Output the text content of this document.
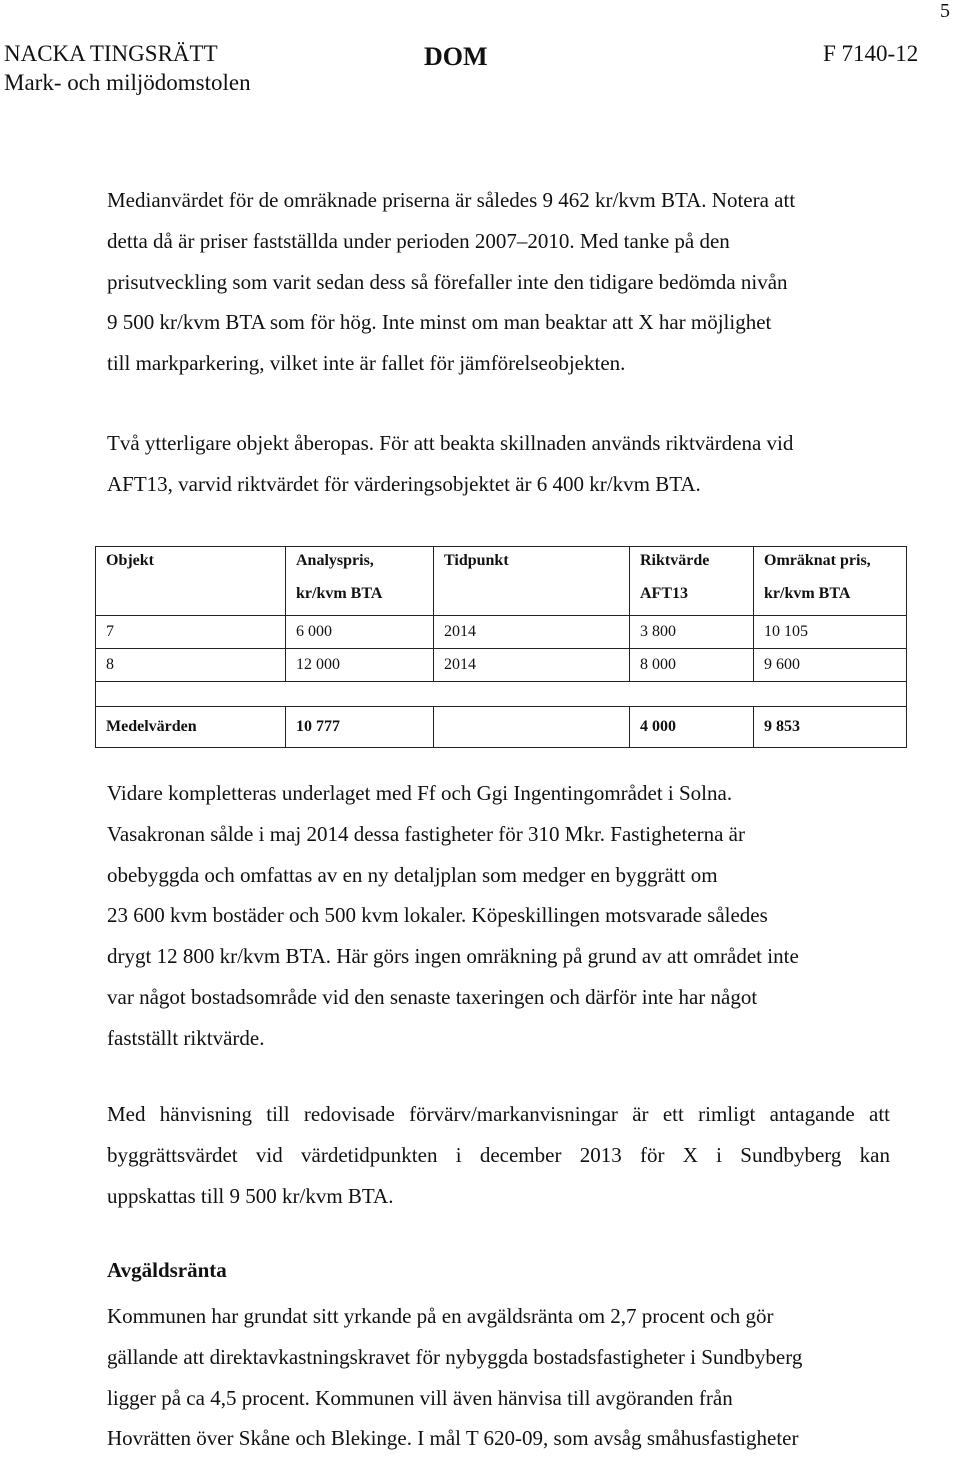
5
NACKA TINGSRÄTT
Mark- och miljödomstolen
DOM	F 7140-12

Medianvärdet för de omräknade priserna är således 9 462 kr/kvm BTA. Notera att

detta då är priser fastställda under perioden 2007–2010. Med tanke på den

prisutveckling som varit sedan dess så förefaller inte den tidigare bedömda nivån

9 500 kr/kvm BTA som för hög. Inte minst om man beaktar att X har möjlighet

till markparkering, vilket inte är fallet för jämförelseobjekten.

Två ytterligare objekt åberopas. För att beakta skillnaden används riktvärdena vid

AFT13, varvid riktvärdet för värderingsobjektet är 6 400 kr/kvm BTA.

Objekt	Analyspris,	Tidpunkt	Riktvärde	Omräknat pris,
	kr/kvm BTA		AFT13	kr/kvm BTA
7	6 000	2014	3 800	10 105
8	12 000	2014	8 000	9 600

Medelvärden	10 777		4 000	9 853

Vidare kompletteras underlaget med Ff och Ggi Ingentingområdet i Solna.

Vasakronan sålde i maj 2014 dessa fastigheter för 310 Mkr. Fastigheterna är

obebyggda och omfattas av en ny detaljplan som medger en byggrätt om

23 600 kvm bostäder och 500 kvm lokaler. Köpeskillingen motsvarade således

drygt 12 800 kr/kvm BTA. Här görs ingen omräkning på grund av att området inte

var något bostadsområde vid den senaste taxeringen och därför inte har något

fastställt riktvärde.

Med hänvisning till redovisade förvärv/markanvisningar är ett rimligt antagande att

byggrättsvärdet vid värdetidpunkten i december 2013 för X i Sundbyberg kan

uppskattas till 9 500 kr/kvm BTA.

Avgäldsränta

Kommunen har grundat sitt yrkande på en avgäldsränta om 2,7 procent och gör

gällande att direktavkastningskravet för nybyggda bostadsfastigheter i Sundbyberg

ligger på ca 4,5 procent. Kommunen vill även hänvisa till avgöranden från

Hovrätten över Skåne och Blekinge. I mål T 620-09, som avsåg småhusfastigheter
